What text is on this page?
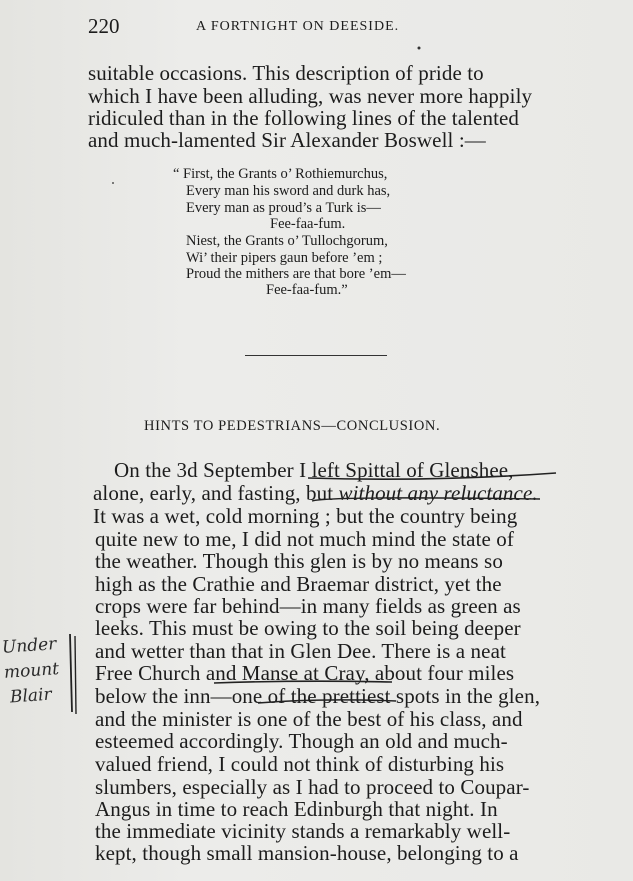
220	A FORTNIGHT ON DEESIDE.
suitable occasions. This description of pride to
which I have been alluding, was never more happily
ridiculed than in the following lines of the talented
and much-lamented Sir Alexander Boswell :—
“ First, the Grants o’ Rothiemurchus,
Every man his sword and durk has,
Every man as proud’s a Turk is—
Fee-faa-fum.
Niest, the Grants o’ Tullochgorum,
Wi’ their pipers gaun before ’em ;
Proud the mithers are that bore ’em—
Fee-faa-fum.”
HINTS TO PEDESTRIANS—CONCLUSION.
On the 3d September I left Spittal of Glenshee,
alone, early, and fasting, but without any reluctance.
It was a wet, cold morning ; but the country being
quite new to me, I did not much mind the state of
the weather. Though this glen is by no means so
high as the Crathie and Braemar district, yet the
crops were far behind—in many fields as green as
leeks. This must be owing to the soil being deeper
and wetter than that in Glen Dee. There is a neat
Free Church and Manse at Cray, about four miles
below the inn—one of the prettiest spots in the glen,
and the minister is one of the best of his class, and
esteemed accordingly. Though an old and much-
valued friend, I could not think of disturbing his
slumbers, especially as I had to proceed to Coupar-
Angus in time to reach Edinburgh that night. In
the immediate vicinity stands a remarkably well-
kept, though small mansion-house, belonging to a
Under
mount
Blair
